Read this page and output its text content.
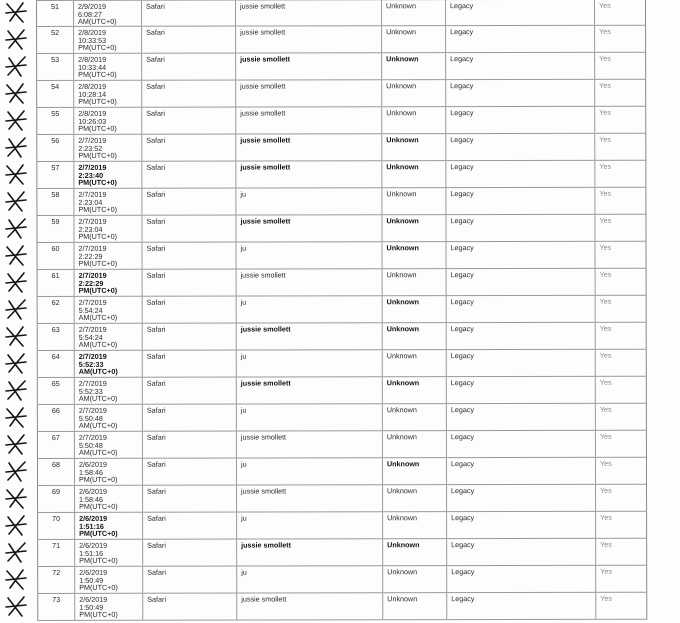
51	2/9/2019
6:08:27
AM(UTC+0)
Safari	jussie smollett	Unknown	Legacy	Yes
52	2/8/2019
10:33:53
PM(UTC+0)
Safari	jussie smollett	Unknown	Legacy	Yes
53	2/8/2019
10:33:44
PM(UTC+0)
Safari	jussie smollett	Unknown	Legacy	Yes
54	2/8/2019
10:28:14
PM(UTC+0)
Safari	jussie smollett	Unknown	Legacy	Yes
55	2/8/2019
10:26:03
PM(UTC+0)
Safari	jussie smollett	Unknown	Legacy	Yes
56	2/7/2019
2:23:52
PM(UTC+0)
Safari	jussie smollett	Unknown	Legacy	Yes
57	2/7/2019
2:23:40
PM(UTC+0)
Safari	jussie smollett	Unknown	Legacy	Yes
58	2/7/2019
2:23:04
PM(UTC+0)
Safari	ju	Unknown	Legacy	Yes
59	2/7/2019
2:23:04
PM(UTC+0)
Safari	jussie smollett	Unknown	Legacy	Yes
60	2/7/2019
2:22:29
PM(UTC+0)
Safari	ju	Unknown	Legacy	Yes
61	2/7/2019
2:22:29
PM(UTC+0)
Safari	jussie smollett	Unknown	Legacy	Yes
62	2/7/2019
5:54:24
AM(UTC+0)
Safari	ju	Unknown	Legacy	Yes
63	2/7/2019
5:54:24
AM(UTC+0)
Safari	jussie smollett	Unknown	Legacy	Yes
64	2/7/2019
5:52:33
AM(UTC+0)
Safari	ju	Unknown	Legacy	Yes
65	2/7/2019
5:52:33
AM(UTC+0)
Safari	jussie smollett	Unknown	Legacy	Yes
66	2/7/2019
5:50:48
AM(UTC+0)
Safari	ju	Unknown	Legacy	Yes
67	2/7/2019
5:50:48
AM(UTC+0)
Safari	jussie smollett	Unknown	Legacy	Yes
68	2/6/2019
1:58:46
PM(UTC+0)
Safari	ju	Unknown	Legacy	Yes
69	2/6/2019
1:58:46
PM(UTC+0)
Safari	jussie smollett	Unknown	Legacy	Yes
70	2/6/2019
1:51:16
PM(UTC+0)
Safari	ju	Unknown	Legacy	Yes
71	2/6/2019
1:51:16
PM(UTC+0)
Safari	jussie smollett	Unknown	Legacy	Yes
72	2/6/2019
1:50:49
PM(UTC+0)
Safari	ju	Unknown	Legacy	Yes
73	2/6/2019
1:50:49
PM(UTC+0)
Safari	jussie smollett	Unknown	Legacy	Yes
